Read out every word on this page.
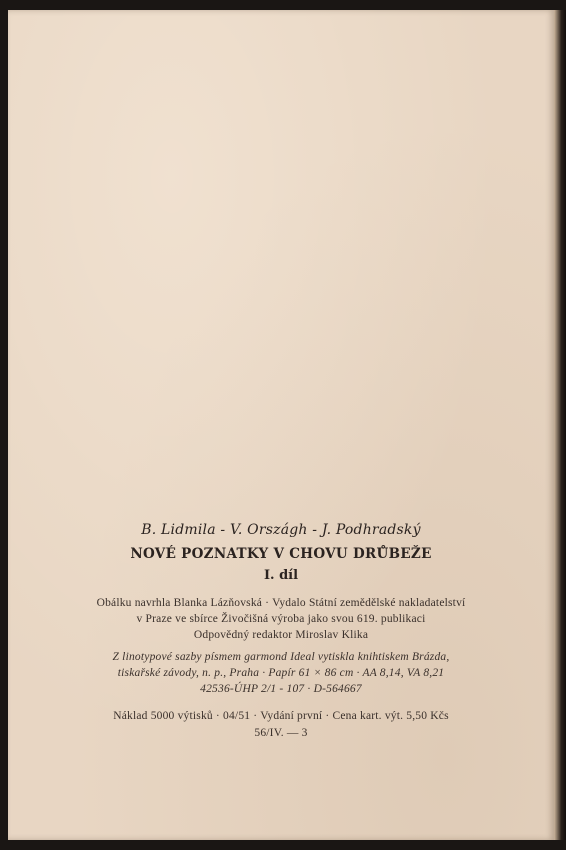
B. Lidmila - V. Országh - J. Podhradský
NOVÉ POZNATKY V CHOVU DRŮBEŽE
I. díl
Obálku navrhla Blanka Lázňovská · Vydalo Státní zemědělské nakladatelství
v Praze ve sbírce Živočišná výroba jako svou 619. publikaci
Odpovědný redaktor Miroslav Klika
Z linotypové sazby písmem garmond Ideal vytiskla knihtiskem Brázda,
tiskařské závody, n. p., Praha · Papír 61 × 86 cm · AA 8,14, VA 8,21
42536-ÚHP 2/1 - 107 · D-564667
Náklad 5000 výtisků · 04/51 · Vydání první · Cena kart. výt. 5,50 Kčs
56/IV. — 3
